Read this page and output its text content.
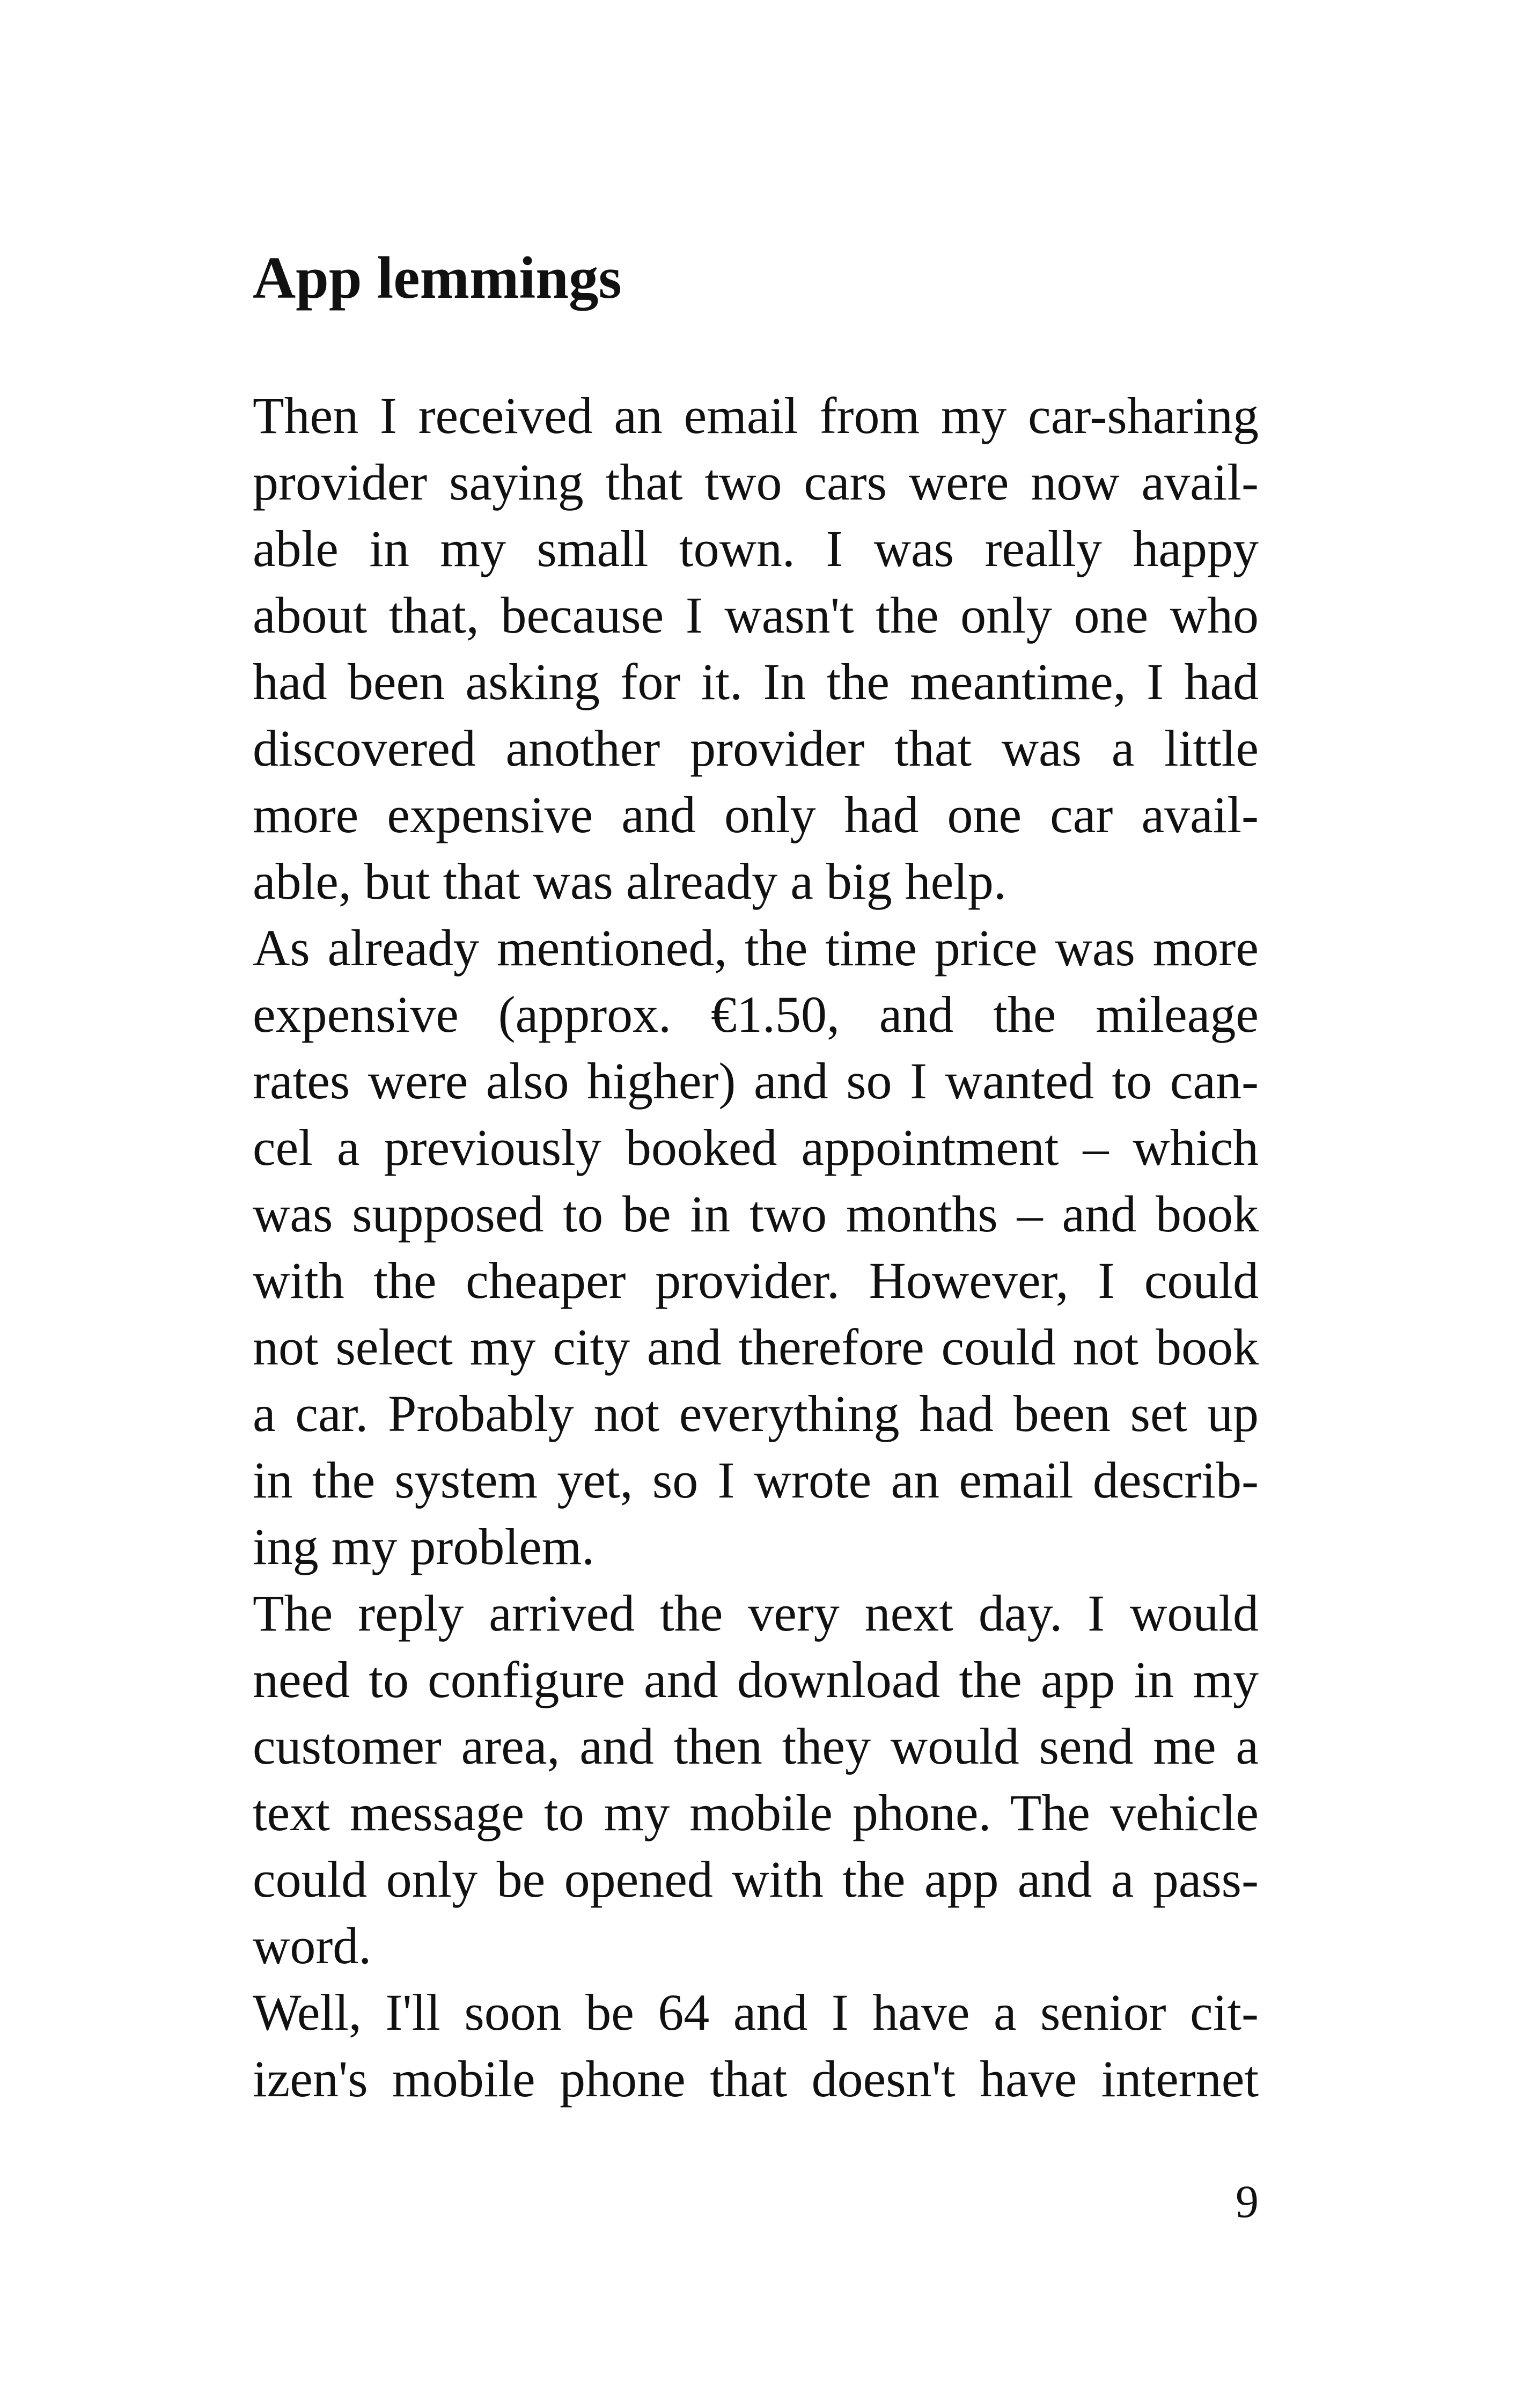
App lemmings
Then I received an email from my car-sharing
provider saying that two cars were now avail-
able in my small town. I was really happy
about that, because I wasn't the only one who
had been asking for it. In the meantime, I had
discovered another provider that was a little
more expensive and only had one car avail-
able, but that was already a big help.
As already mentioned, the time price was more
expensive (approx. €1.50, and the mileage
rates were also higher) and so I wanted to can-
cel a previously booked appointment – which
was supposed to be in two months – and book
with the cheaper provider. However, I could
not select my city and therefore could not book
a car. Probably not everything had been set up
in the system yet, so I wrote an email describ-
ing my problem.
The reply arrived the very next day. I would
need to configure and download the app in my
customer area, and then they would send me a
text message to my mobile phone. The vehicle
could only be opened with the app and a pass-
word.
Well, I'll soon be 64 and I have a senior cit-
izen's mobile phone that doesn't have internet
9
